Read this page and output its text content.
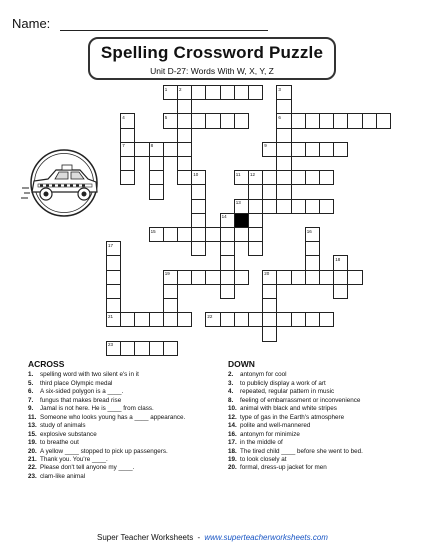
Name:
Spelling Crossword Puzzle
Unit D-27: Words With W, X, Y, Z
1	2	3
6
4
7
5
8	9
10	11 12
13
14
15	16
17
21
18
19	20
22
23
ACROSS
1. spelling word with two silent e's in it
5. third place Olympic medal
6. A six-sided polygon is a ____.
7. fungus that makes bread rise
9. Jamal is not here. He is ____ from class.
11. Someone who looks young has a ____ appearance.
13. study of animals
15. explosive substance
19. to breathe out
20. A yellow ____ stopped to pick up passengers.
21. Thank you. You're ____.
22. Please don't tell anyone my ____.
23. clam-like animal
DOWN
2. antonym for cool
3. to publicly display a work of art
4. repeated, regular pattern in music
8. feeling of embarrassment or inconvenience
10. animal with black and white stripes
12. type of gas in the Earth's atmosphere
14. polite and well-mannered
16. antonym for minimize
17. in the middle of
18. The tired child ____ before she went to bed.
19. to look closely at
20. formal, dress-up jacket for men
Super Teacher Worksheets - www.superteacherworksheets.com
